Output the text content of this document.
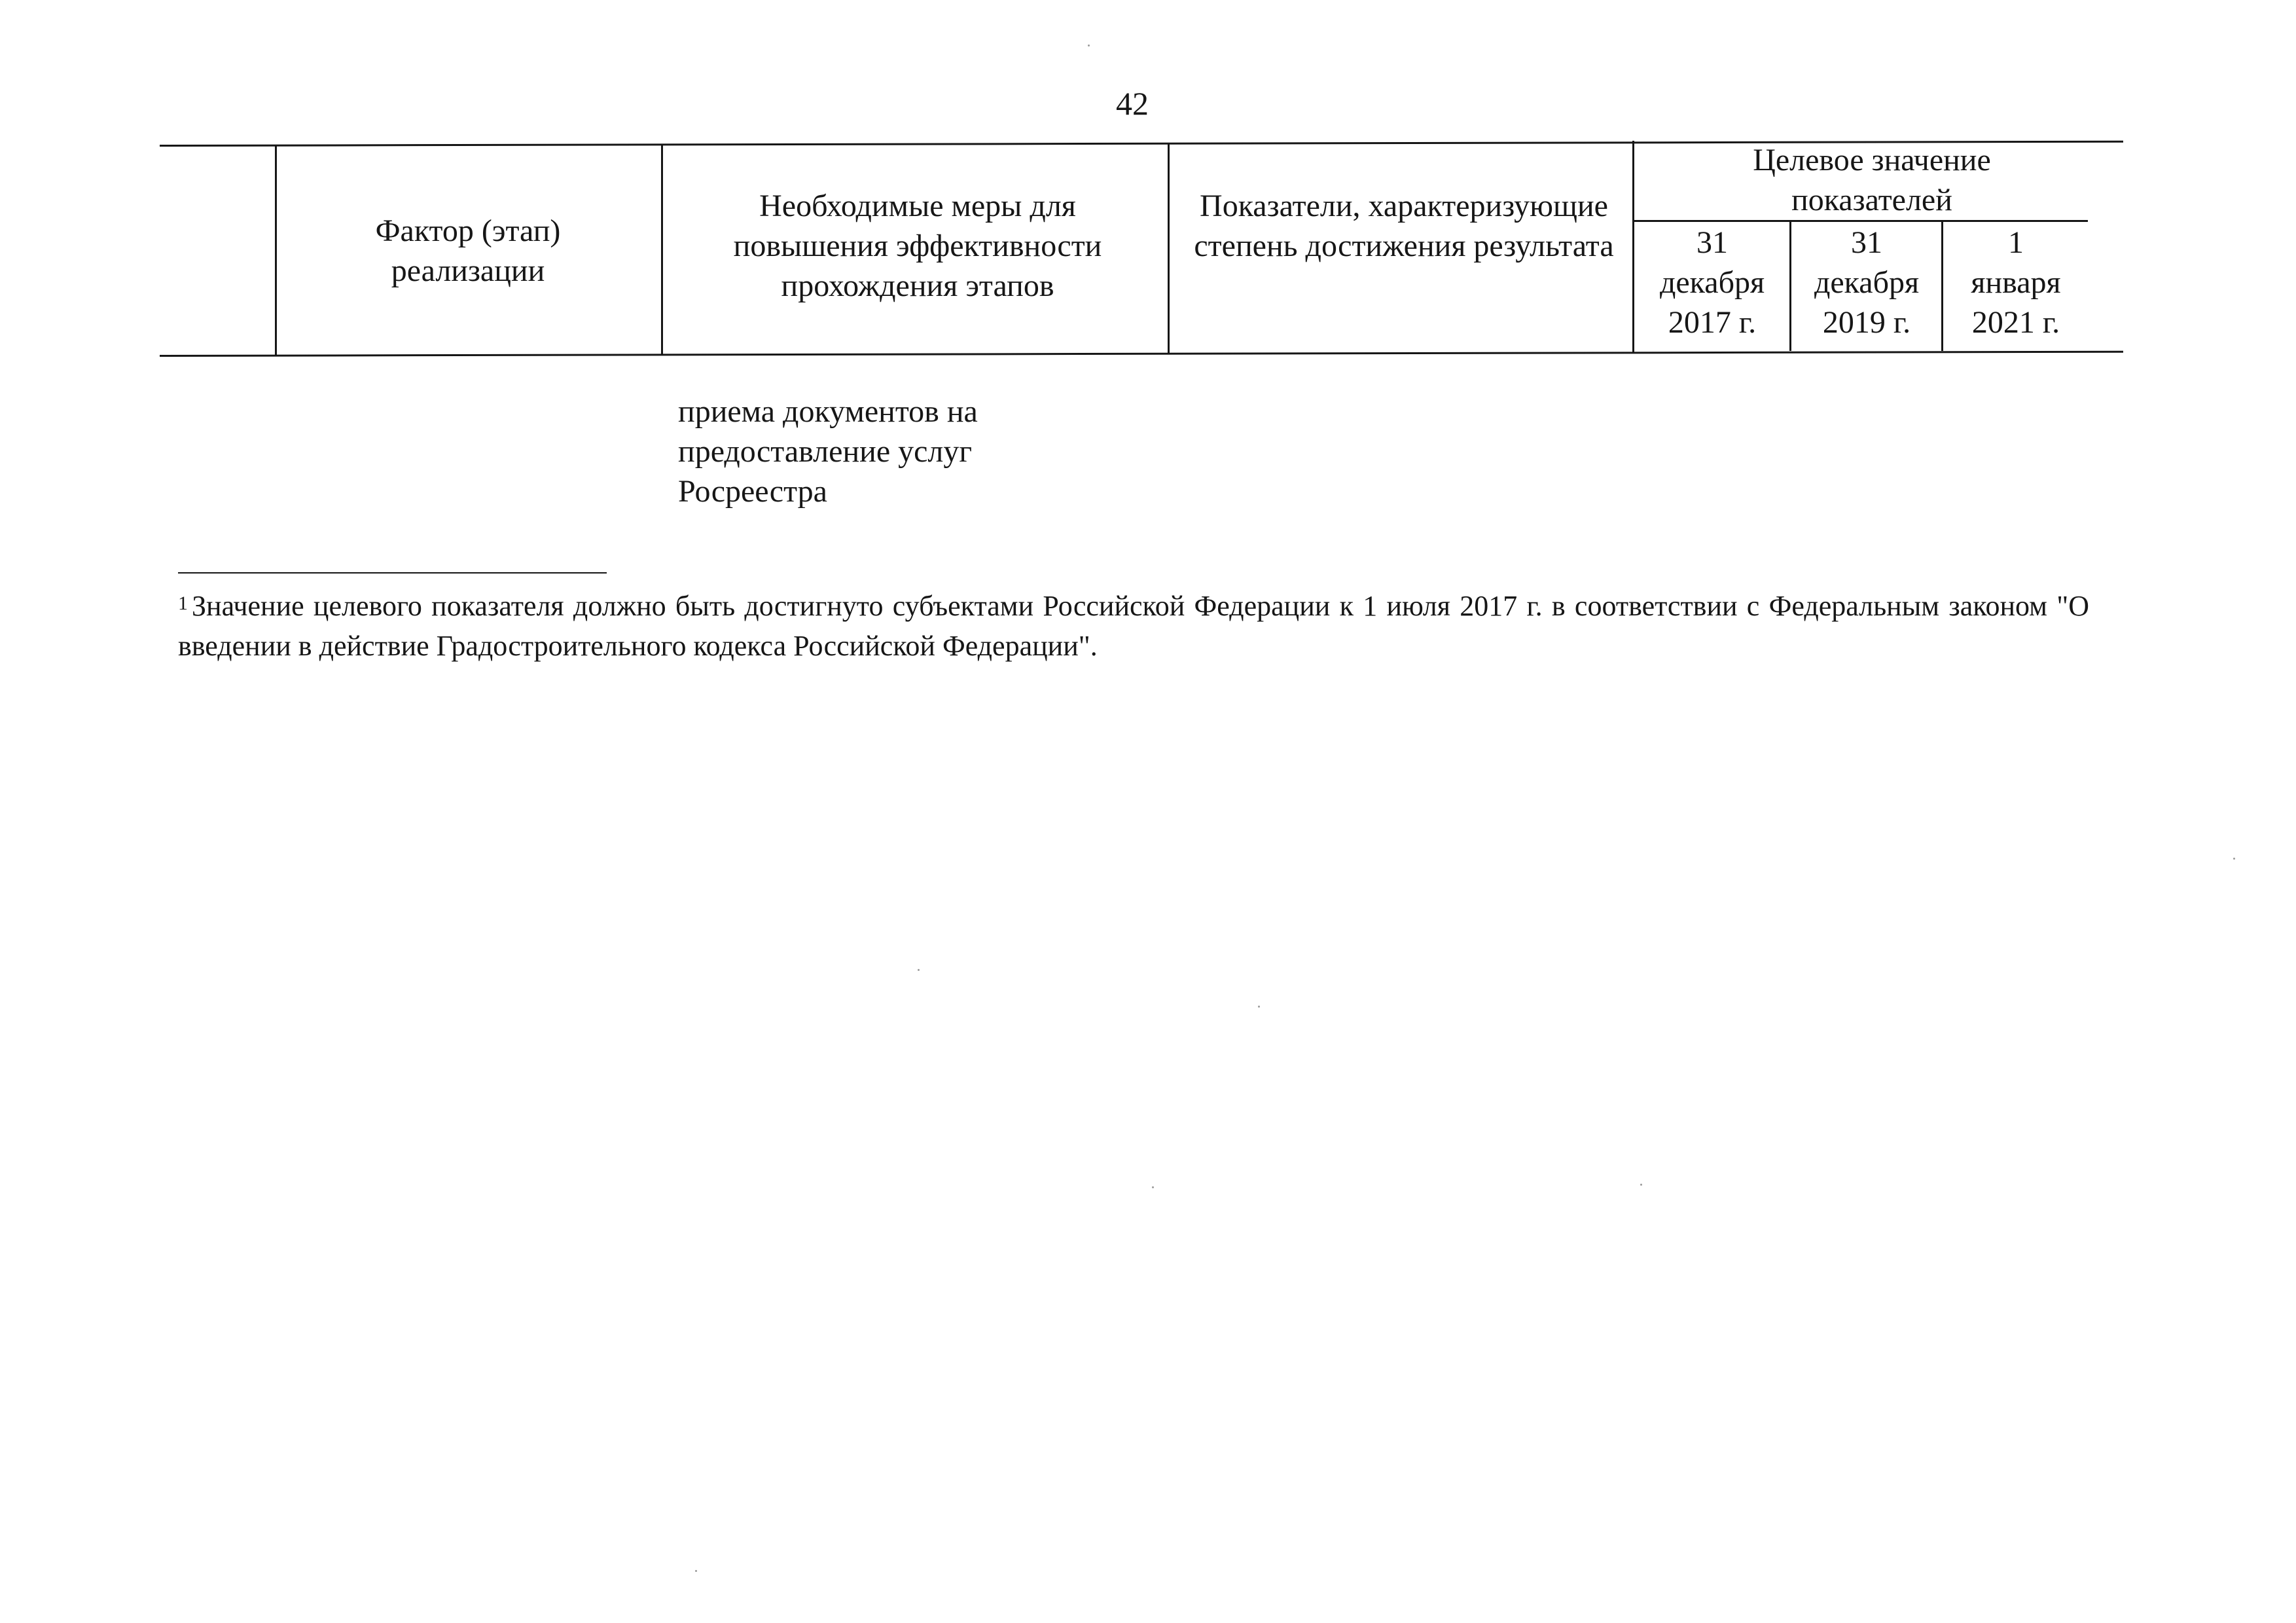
42
Фактор (этап) реализации
Необходимые меры для повышения эффективности прохождения этапов
Показатели, характеризующие степень достижения результата
Целевое значение показателей
31
декабря
2017 г.
31
декабря
2019 г.
1
января
2021 г.
приема документов на
предоставление услуг
Росреестра
$^1$ Значение целевого показателя должно быть достигнуто субъектами Российской Федерации к 1 июля 2017 г. в соответствии с Федеральным законом "О введении в действие Градостроительного кодекса Российской Федерации".
